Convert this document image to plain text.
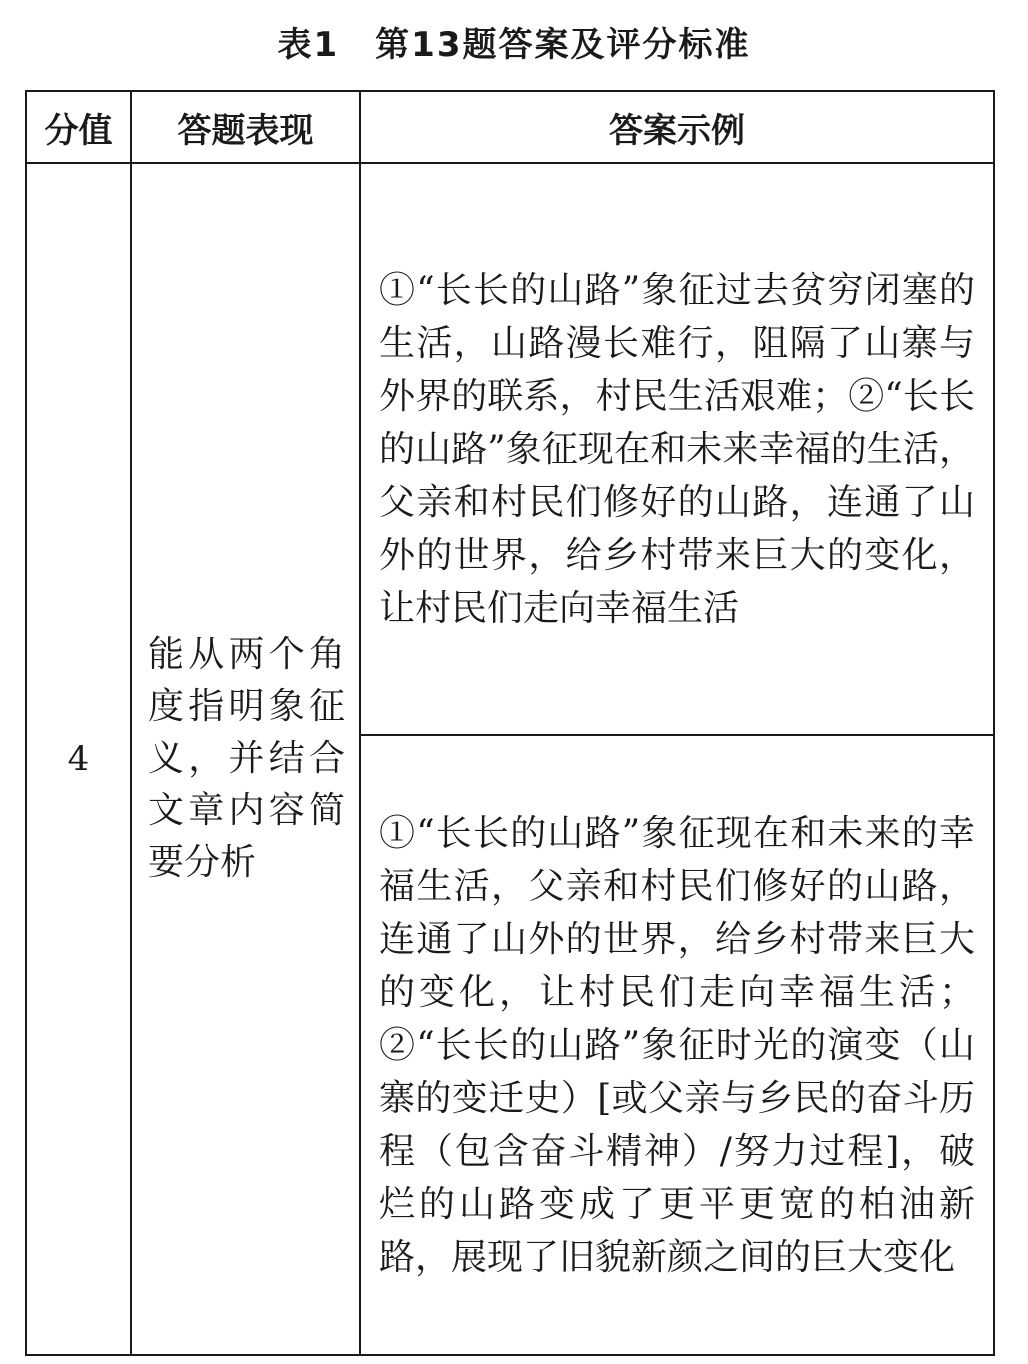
表1　第13题答案及评分标准
分值	答题表现	答案示例
4	能从两个角度指明象征义，并结合文章内容简要分析	①“长长的山路”象征过去贫穷闭塞的生活，山路漫长难行，阻隔了山寨与外界的联系，村民生活艰难；②“长长的山路”象征现在和未来幸福的生活，父亲和村民们修好的山路，连通了山外的世界，给乡村带来巨大的变化，让村民们走向幸福生活
		①“长长的山路”象征现在和未来的幸福生活，父亲和村民们修好的山路，连通了山外的世界，给乡村带来巨大的变化，让村民们走向幸福生活；②“长长的山路”象征时光的演变（山寨的变迁史）[或父亲与乡民的奋斗历程（包含奋斗精神）/努力过程]，破烂的山路变成了更平更宽的柏油新路，展现了旧貌新颜之间的巨大变化
